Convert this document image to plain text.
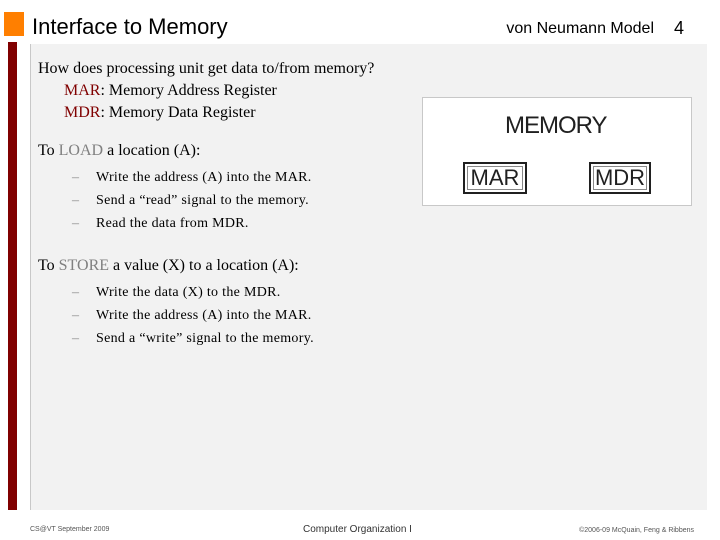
Interface to Memory	von Neumann Model 4

How does processing unit get data to/from memory?

MAR: Memory Address Register

MDR: Memory Data Register

To LOAD a location (A):

– Write the address (A) into the MAR.
– Send a “read” signal to the memory.
– Read the data from MDR.

To STORE a value (X) to a location (A):

– Write the data (X) to the MDR.
– Write the address (A) into the MAR.
– Send a “write” signal to the memory.
MEMORY
MAR	MDR
CS@VT September 2009	Computer Organization I	©2006-09 McQuain, Feng & Ribbens
